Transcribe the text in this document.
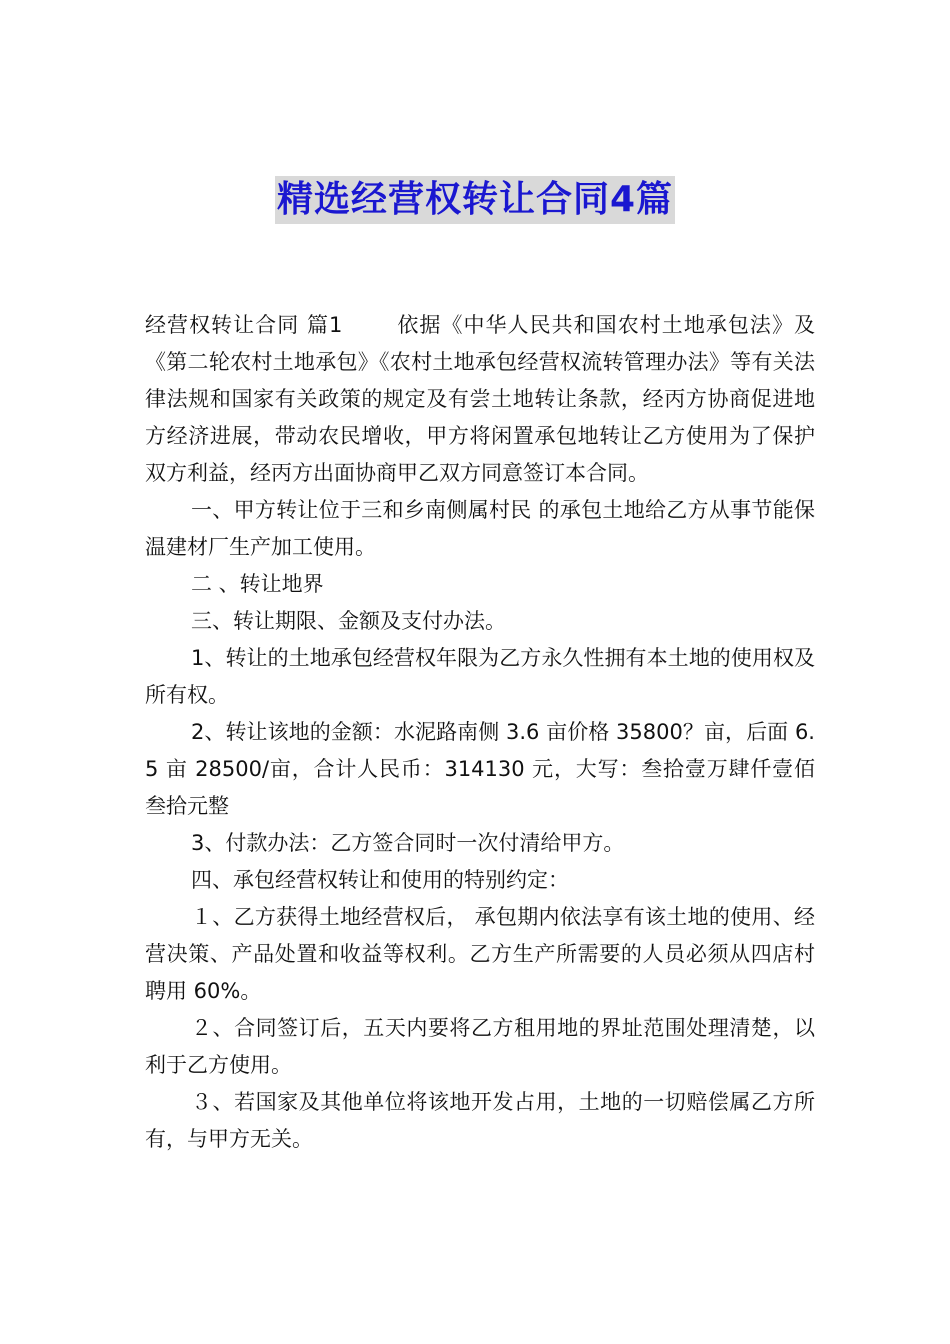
精选经营权转让合同4篇

经营权转让合同 篇1	依据《中华人民共和国农村土地承包法》及《第二轮农村土地承包》《农村土地承包经营权流转管理办法》等有关法律法规和国家有关政策的规定及有尝土地转让条款，经丙方协商促进地方经济进展，带动农民增收，甲方将闲置承包地转让乙方使用为了保护双方利益，经丙方出面协商甲乙双方同意签订本合同。

一、甲方转让位于三和乡南侧属村民 的承包土地给乙方从事节能保温建材厂生产加工使用。

二 、转让地界

三、转让期限、金额及支付办法。

1、转让的土地承包经营权年限为乙方永久性拥有本土地的使用权及所有权。

2、转让该地的金额：水泥路南侧 3.6 亩价格 35800？亩，后面 6.5 亩 28500/亩，合计人民币：314130 元，大写：叁拾壹万肆仟壹佰叁拾元整

3、付款办法：乙方签合同时一次付清给甲方。

四、承包经营权转让和使用的特别约定：

１、乙方获得土地经营权后， 承包期内依法享有该土地的使用、经营决策、产品处置和收益等权利。乙方生产所需要的人员必须从四店村聘用 60%。

２、合同签订后，五天内要将乙方租用地的界址范围处理清楚，以利于乙方使用。

３、若国家及其他单位将该地开发占用，土地的一切赔偿属乙方所有，与甲方无关。
